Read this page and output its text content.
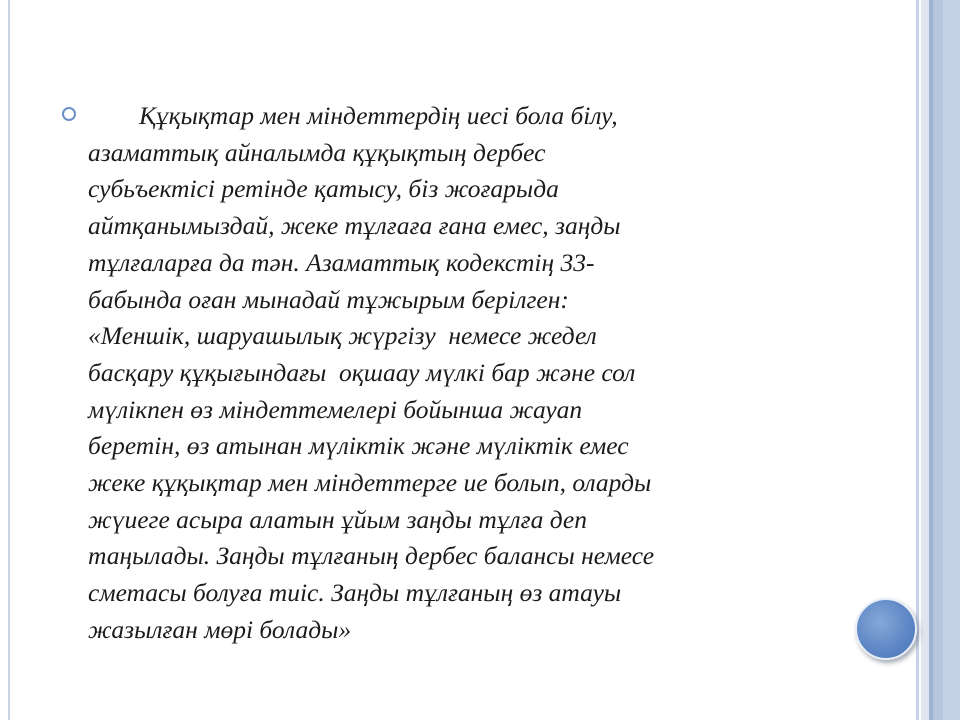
Құқықтар мен міндеттердің иесі бола білу,
азаматтық айналымда құқықтың дербес
субьъектісі ретінде қатысу, біз жоғарыда
айтқанымыздай, жеке тұлғаға ғана емес, заңды
тұлғаларға да тән. Азаматтық кодекстің 33-
бабында оған мынадай тұжырым берілген:
«Меншік, шаруашылық жүргізу  немесе жедел
басқару құқығындағы  оқшаау мүлкі бар және сол
мүлікпен өз міндеттемелері бойынша жауап
беретін, өз атынан мүліктік және мүліктік емес
жеке құқықтар мен міндеттерге ие болып, оларды
жүиеге асыра алатын ұйым заңды тұлға деп
таңылады. Заңды тұлғаның дербес балансы немесе
сметасы болуға тиіс. Заңды тұлғаның өз атауы
жазылған мөрі болады»
